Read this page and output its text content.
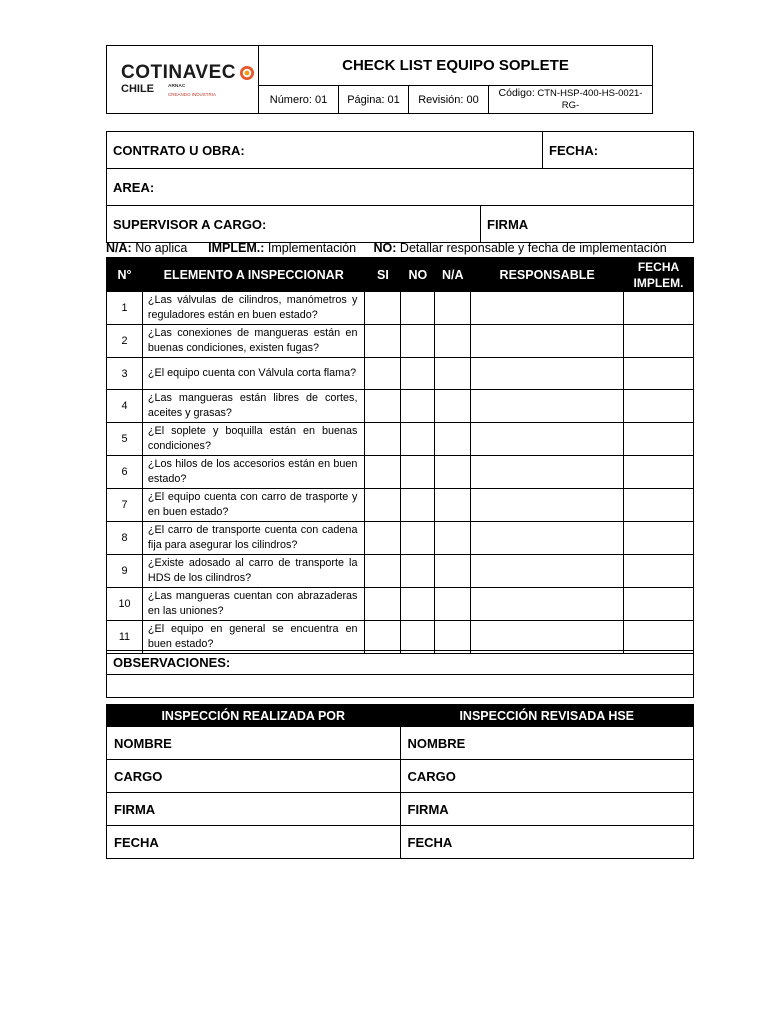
COTINAVEC
CHILE ARNAC
CREANDO INDUSTRIA	CHECK LIST EQUIPO SOPLETE			
	Número: 01	Página: 01	Revisión: 00	Código: CTN-HSP-400-HS-0021-RG-
CONTRATO U OBRA:		FECHA:
AREA:		
SUPERVISOR A CARGO:	FIRMA	
N/A: No aplica IMPLEM.: Implementación NO: Detallar responsable y fecha de implementación
N°	ELEMENTO A INSPECCIONAR	SI	NO	N/A	RESPONSABLE	FECHA
IMPLEM.
1	¿Las válvulas de cilindros, manómetros y reguladores están en buen estado?					
2	¿Las conexiones de mangueras están en buenas condiciones, existen fugas?					
3	¿El equipo cuenta con Válvula corta flama?					
4	¿Las mangueras están libres de cortes, aceites y grasas?					
5	¿El soplete y boquilla están en buenas condiciones?					
6	¿Los hilos de los accesorios están en buen estado?					
7	¿El equipo cuenta con carro de trasporte y en buen estado?					
8	¿El carro de transporte cuenta con cadena fija para asegurar los cilindros?					
9	¿Existe adosado al carro de transporte la HDS de los cilindros?					
10	¿Las mangueras cuentan con abrazaderas en las uniones?					
11	¿El equipo en general se encuentra en buen estado?					
OBSERVACIONES:

INSPECCIÓN REALIZADA POR	INSPECCIÓN REVISADA HSE
NOMBRE	NOMBRE
CARGO	CARGO
FIRMA	FIRMA
FECHA	FECHA
